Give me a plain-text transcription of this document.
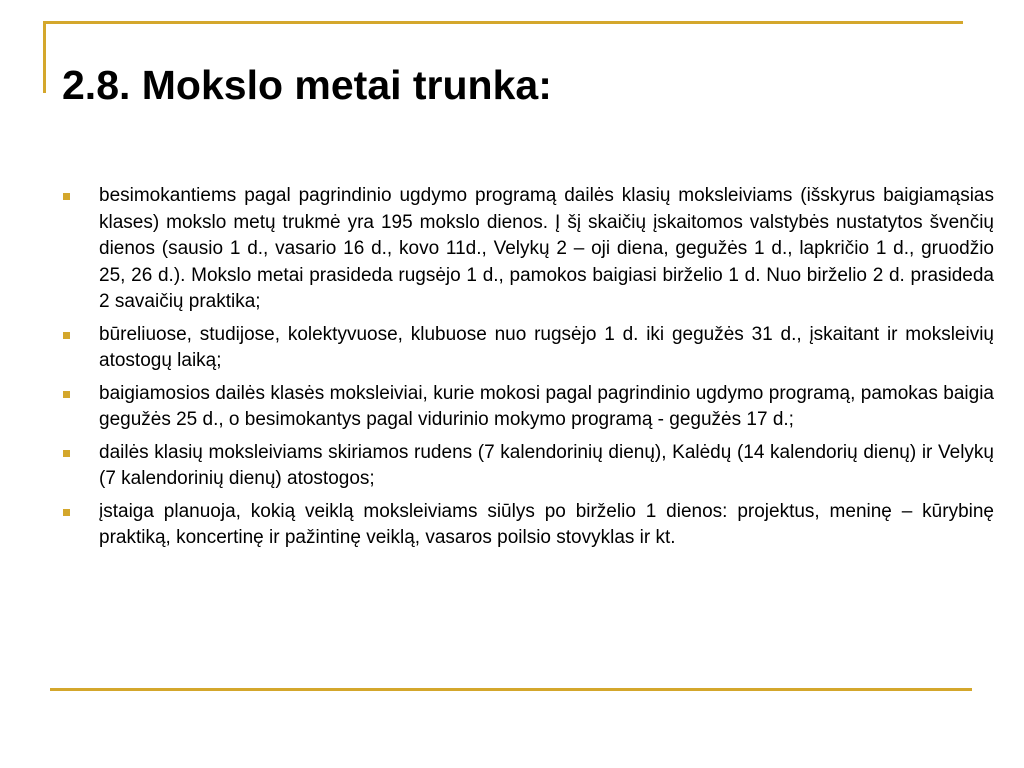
2.8. Mokslo metai trunka:
besimokantiems pagal pagrindinio ugdymo programą dailės klasių moksleiviams (išskyrus baigiamąsias klases) mokslo metų trukmė yra 195 mokslo dienos. Į šį skaičių įskaitomos valstybės nustatytos švenčių dienos (sausio 1 d., vasario 16 d., kovo 11d., Velykų 2 – oji diena, gegužės 1 d., lapkričio 1 d., gruodžio 25, 26 d.). Mokslo metai prasideda rugsėjo 1 d., pamokos baigiasi birželio 1 d. Nuo birželio 2 d. prasideda 2 savaičių praktika;
būreliuose, studijose, kolektyvuose, klubuose nuo rugsėjo 1 d. iki gegužės 31 d., įskaitant ir moksleivių atostogų laiką;
baigiamosios dailės klasės moksleiviai, kurie mokosi pagal pagrindinio ugdymo programą, pamokas baigia gegužės 25 d., o besimokantys pagal vidurinio mokymo programą - gegužės 17 d.;
dailės klasių moksleiviams skiriamos rudens (7 kalendorinių dienų), Kalėdų (14 kalendorių dienų) ir Velykų (7 kalendorinių dienų) atostogos;
įstaiga planuoja, kokią veiklą moksleiviams siūlys po birželio 1 dienos: projektus, meninę – kūrybinę praktiką, koncertinę ir pažintinę veiklą, vasaros poilsio stovyklas ir kt.
